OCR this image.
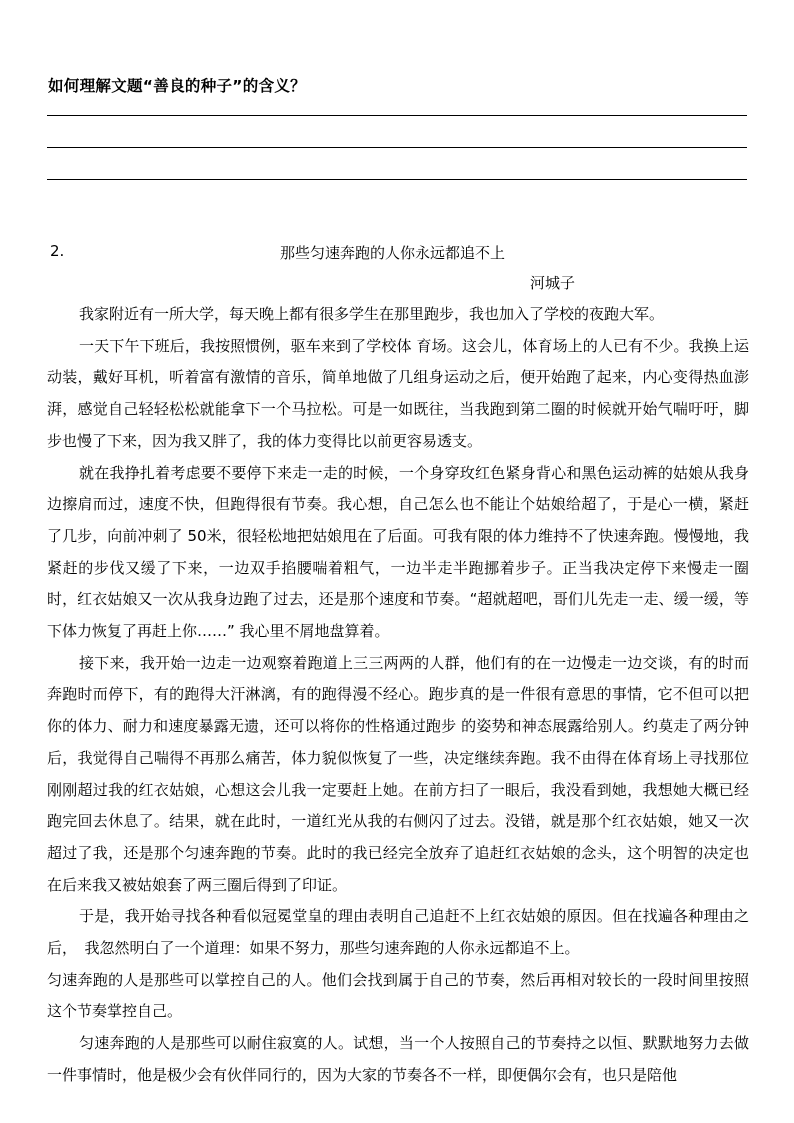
如何理解文题“善良的种子”的含义？
2.	那些匀速奔跑的人你永远都追不上
河城子

我家附近有一所大学，每天晚上都有很多学生在那里跑步，我也加入了学校的夜跑大军。

一天下午下班后，我按照惯例，驱车来到了学校体 育场。这会儿，体育场上的人已有不少。我换上运动装，戴好耳机，听着富有激情的音乐，简单地做了几组身运动之后，便开始跑了起来，内心变得热血澎湃，感觉自己轻轻松松就能拿下一个马拉松。可是一如既往，当我跑到第二圈的时候就开始气喘吁吁，脚步也慢了下来，因为我又胖了，我的体力变得比以前更容易透支。

就在我挣扎着考虑要不要停下来走一走的时候，一个身穿玫红色紧身背心和黑色运动裤的姑娘从我身边擦肩而过，速度不快，但跑得很有节奏。我心想，自己怎么也不能让个姑娘给超了，于是心一横，紧赶了几步，向前冲刺了 50米，很轻松地把姑娘甩在了后面。可我有限的体力维持不了快速奔跑。慢慢地，我紧赶的步伐又缓了下来，一边双手掐腰喘着粗气，一边半走半跑挪着步子。正当我决定停下来慢走一圈时，红衣姑娘又一次从我身边跑了过去，还是那个速度和节奏。“超就超吧，哥们儿先走一走、缓一缓，等下体力恢复了再赶上你……” 我心里不屑地盘算着。

接下来，我开始一边走一边观察着跑道上三三两两的人群，他们有的在一边慢走一边交谈，有的时而奔跑时而停下，有的跑得大汗淋漓，有的跑得漫不经心。跑步真的是一件很有意思的事情，它不但可以把你的体力、耐力和速度暴露无遗，还可以将你的性格通过跑步 的姿势和神态展露给别人。约莫走了两分钟后，我觉得自己喘得不再那么痛苦，体力貌似恢复了一些，决定继续奔跑。我不由得在体育场上寻找那位刚刚超过我的红衣姑娘，心想这会儿我一定要赶上她。在前方扫了一眼后，我没看到她，我想她大概已经跑完回去休息了。结果，就在此时，一道红光从我的右侧闪了过去。没错，就是那个红衣姑娘，她又一次超过了我，还是那个匀速奔跑的节奏。此时的我已经完全放弃了追赶红衣姑娘的念头，这个明智的决定也在后来我又被姑娘套了两三圈后得到了印证。

于是，我开始寻找各种看似冠冕堂皇的理由表明自己追赶不上红衣姑娘的原因。但在找遍各种理由之后，　我忽然明白了一个道理：如果不努力，那些匀速奔跑的人你永远都追不上。

匀速奔跑的人是那些可以掌控自己的人。他们会找到属于自己的节奏，然后再相对较长的一段时间里按照这个节奏掌控自己。

匀速奔跑的人是那些可以耐住寂寞的人。试想，当一个人按照自己的节奏持之以恒、默默地努力去做一件事情时，他是极少会有伙伴同行的，因为大家的节奏各不一样，即便偶尔会有，也只是陪他
